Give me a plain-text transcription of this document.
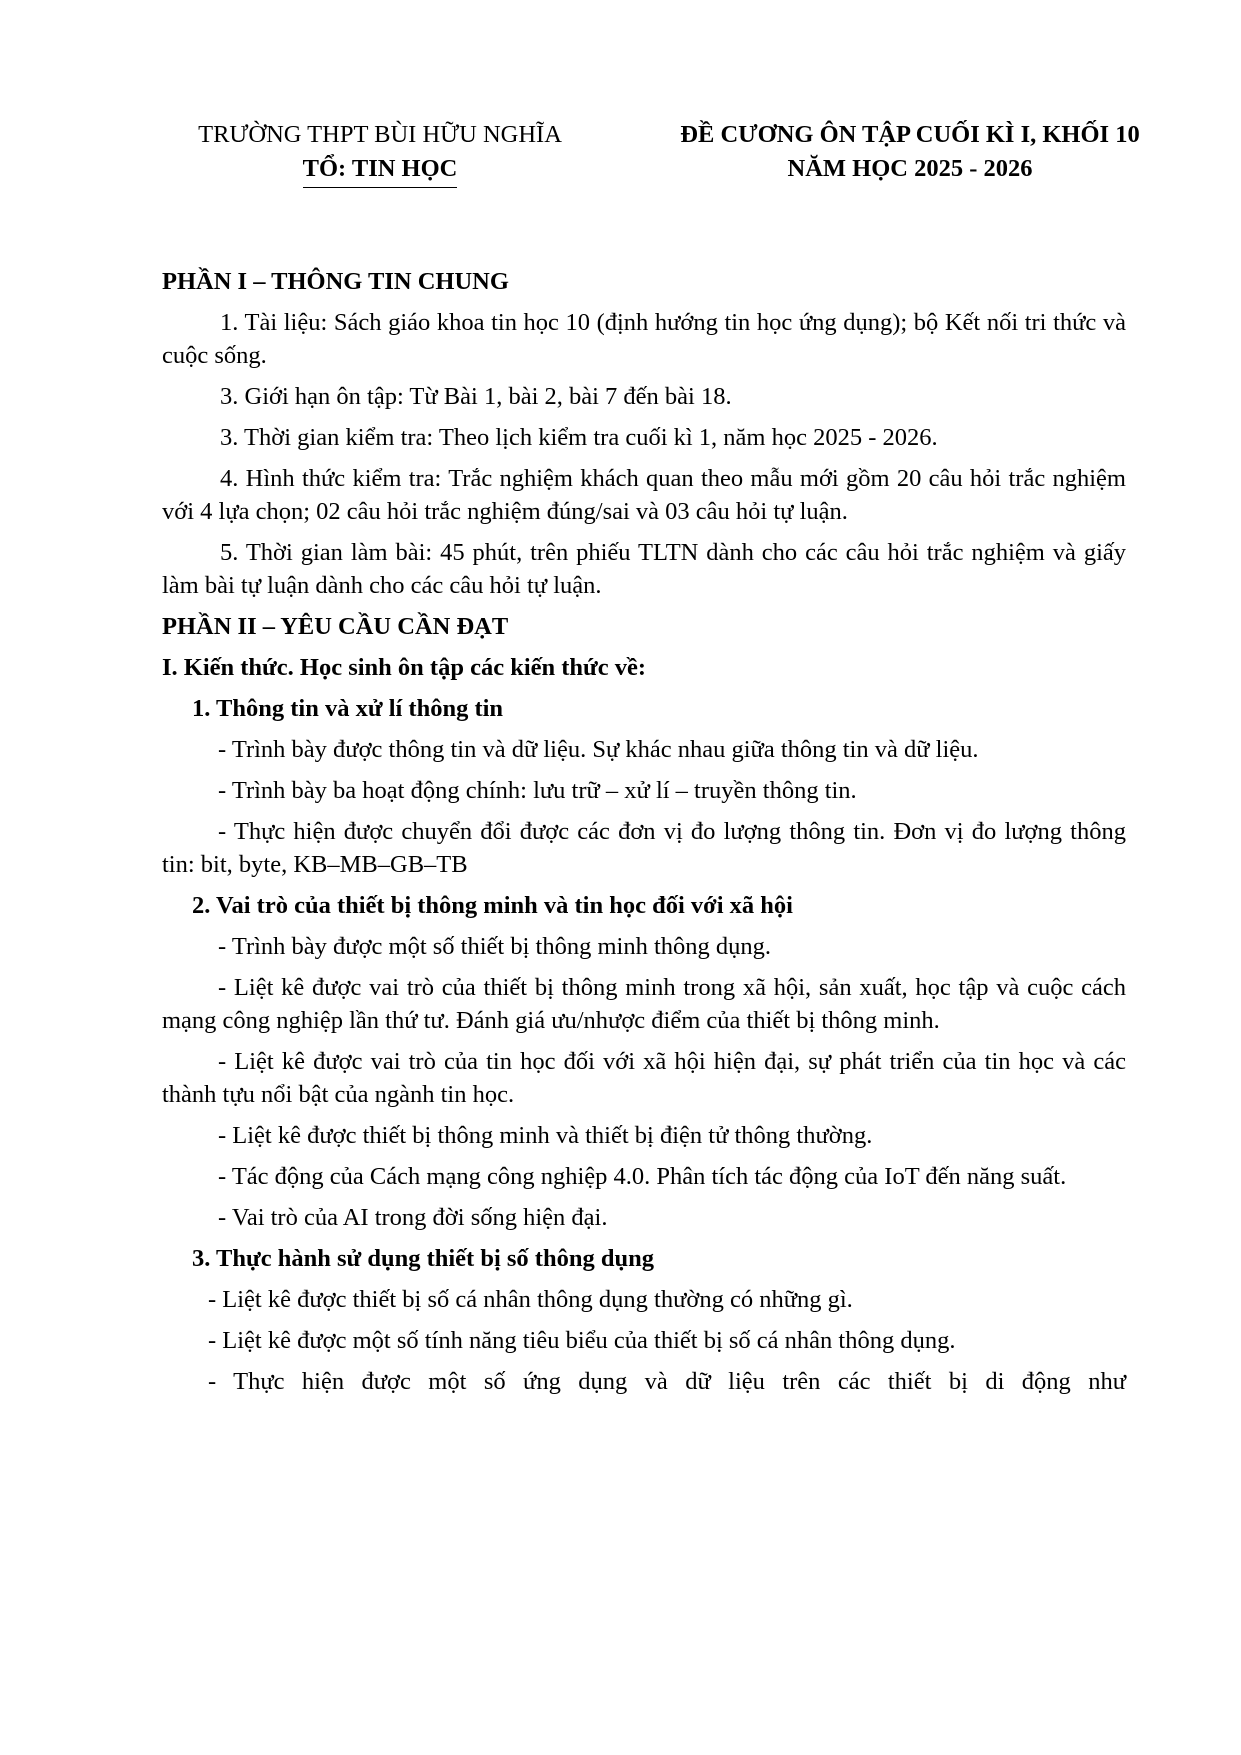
TRƯỜNG THPT BÙI HỮU NGHĨA
TỔ: TIN HỌC
ĐỀ CƯƠNG ÔN TẬP CUỐI KÌ I, KHỐI 10
NĂM HỌC 2025 - 2026
PHẦN I – THÔNG TIN CHUNG
1. Tài liệu: Sách giáo khoa tin học 10 (định hướng tin học ứng dụng); bộ Kết nối tri thức và cuộc sống.
3. Giới hạn ôn tập: Từ Bài 1, bài 2, bài 7 đến bài 18.
3. Thời gian kiểm tra: Theo lịch kiểm tra cuối kì 1, năm học 2025 - 2026.
4. Hình thức kiểm tra: Trắc nghiệm khách quan theo mẫu mới gồm 20 câu hỏi trắc nghiệm với 4 lựa chọn; 02 câu hỏi trắc nghiệm đúng/sai và 03 câu hỏi tự luận.
5. Thời gian làm bài: 45 phút, trên phiếu TLTN dành cho các câu hỏi trắc nghiệm và giấy làm bài tự luận dành cho các câu hỏi tự luận.
PHẦN II – YÊU CẦU CẦN ĐẠT
I. Kiến thức. Học sinh ôn tập các kiến thức về:
1. Thông tin và xử lí thông tin
- Trình bày được thông tin và dữ liệu. Sự khác nhau giữa thông tin và dữ liệu.
- Trình bày ba hoạt động chính: lưu trữ – xử lí – truyền thông tin.
- Thực hiện được chuyển đổi được các đơn vị đo lượng thông tin. Đơn vị đo lượng thông tin: bit, byte, KB–MB–GB–TB
2. Vai trò của thiết bị thông minh và tin học đối với xã hội
- Trình bày được một số thiết bị thông minh thông dụng.
- Liệt kê được vai trò của thiết bị thông minh trong xã hội, sản xuất, học tập và cuộc cách mạng công nghiệp lần thứ tư. Đánh giá ưu/nhược điểm của thiết bị thông minh.
- Liệt kê được vai trò của tin học đối với xã hội hiện đại, sự phát triển của tin học và các thành tựu nổi bật của ngành tin học.
- Liệt kê được thiết bị thông minh và thiết bị điện tử thông thường.
- Tác động của Cách mạng công nghiệp 4.0. Phân tích tác động của IoT đến năng suất.
- Vai trò của AI trong đời sống hiện đại.
3. Thực hành sử dụng thiết bị số thông dụng
- Liệt kê được thiết bị số cá nhân thông dụng thường có những gì.
- Liệt kê được một số tính năng tiêu biểu của thiết bị số cá nhân thông dụng.
- Thực hiện được một số ứng dụng và dữ liệu trên các thiết bị di động như
